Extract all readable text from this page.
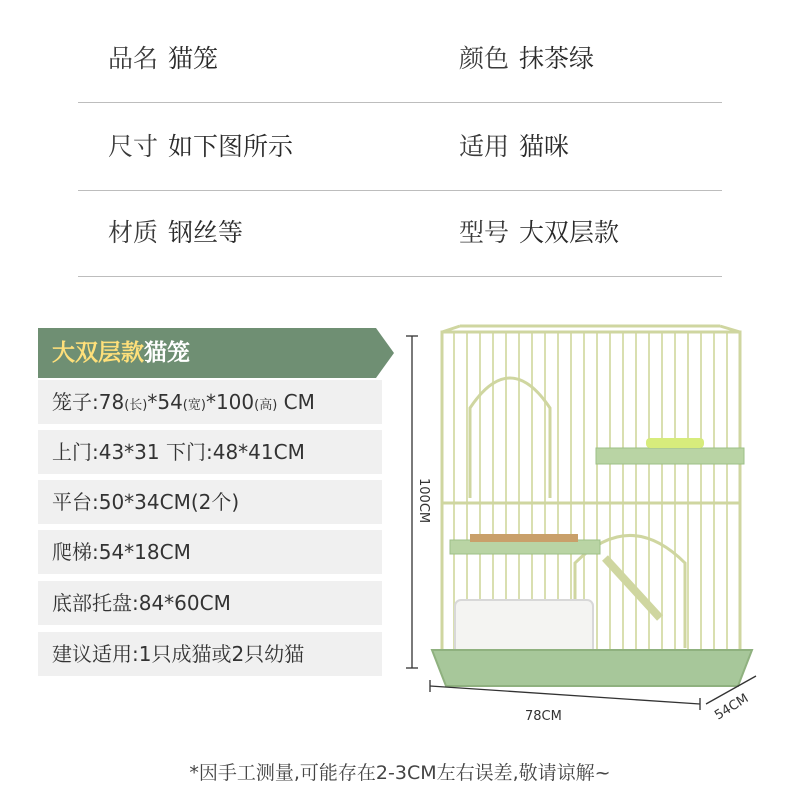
品名 猫笼	颜色 抹茶绿
尺寸 如下图所示	适用 猫咪
材质 钢丝等	型号 大双层款
大双层款猫笼
笼子:78(长)*54(宽)*100(高) CM
上门:43*31 下门:48*41CM
平台:50*34CM(2个)
爬梯:54*18CM
底部托盘:84*60CM
建议适用:1只成猫或2只幼猫
100CM
78CM	54CM
*因手工测量,可能存在2-3CM左右误差,敬请谅解~
